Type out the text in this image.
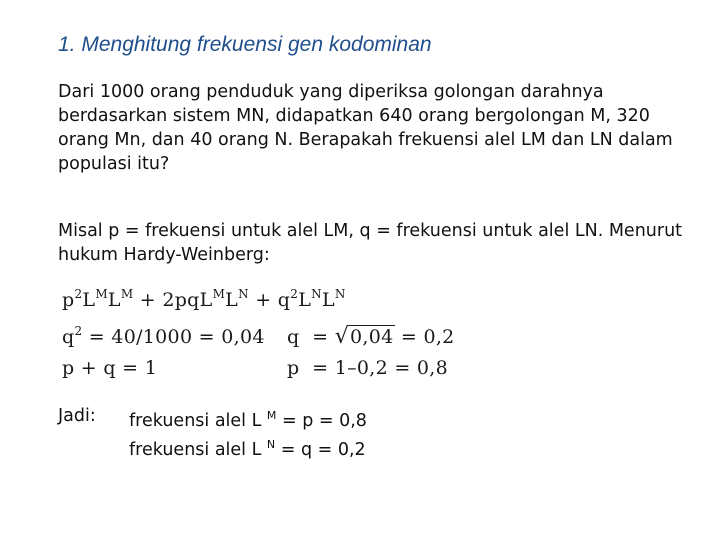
1. Menghitung frekuensi gen kodominan
Dari 1000 orang penduduk yang diperiksa golongan darahnya berdasarkan sistem MN, didapatkan 640 orang bergolongan M, 320 orang Mn, dan 40 orang N. Berapakah frekuensi alel LM dan LN dalam populasi itu?
Misal p = frekuensi untuk alel LM, q = frekuensi untuk alel LN. Menurut hukum Hardy-Weinberg:
$p^2L^ML^M + 2pqL^ML^N + q^2L^NL^N$
$q^2 = 40/1000 = 0,04$ q  = √0,04 = 0,2
p + q = 1	p  = 1–0,2 = 0,8
Jadi: frekuensi alel L $^M$ = p = 0,8
frekuensi alel L $^N$ = q = 0,2
